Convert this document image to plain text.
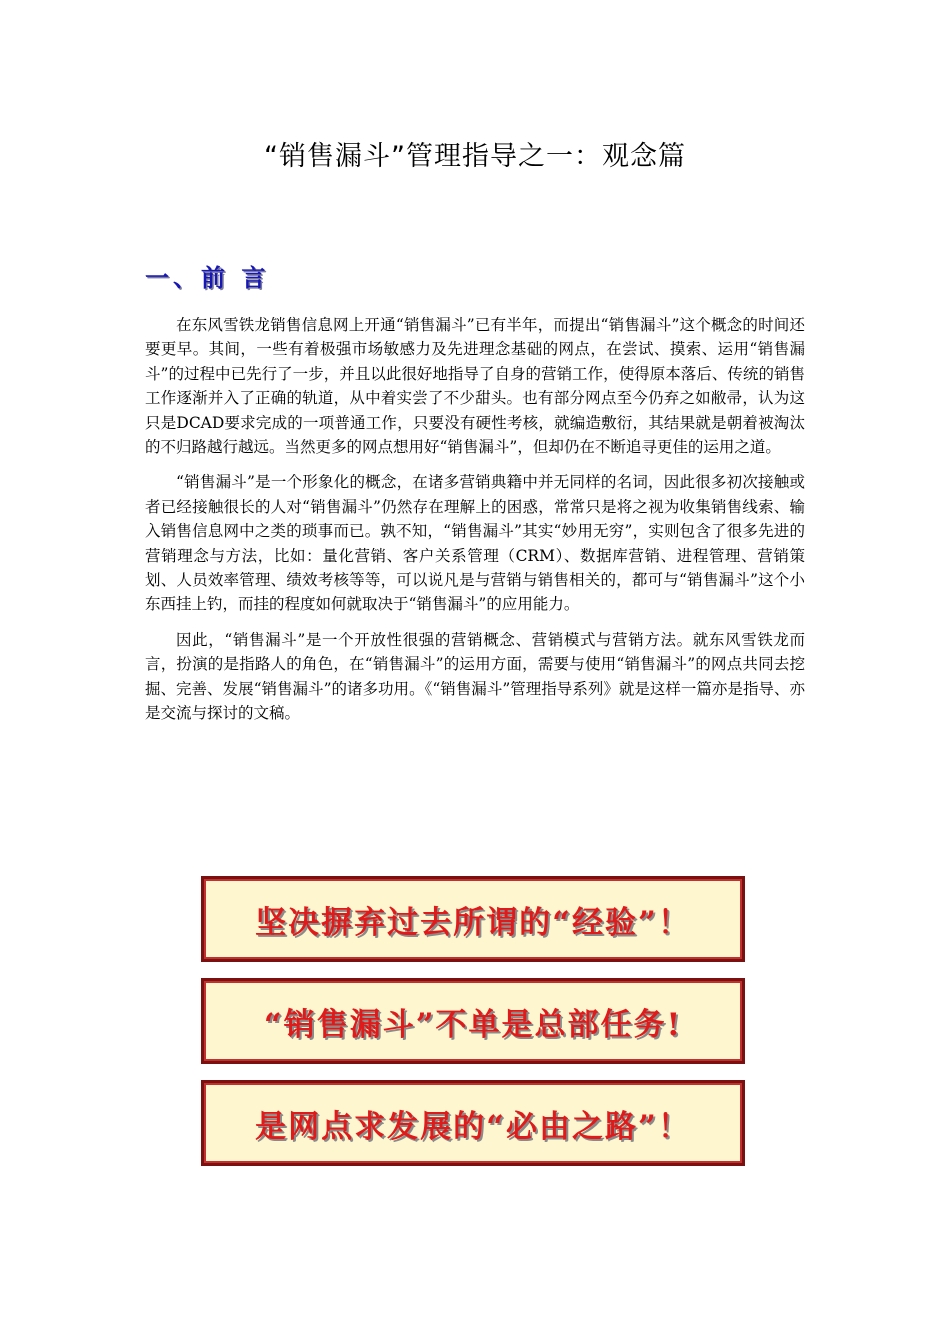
“销售漏斗”管理指导之一：观念篇
一、前 言

在东风雪铁龙销售信息网上开通“销售漏斗”已有半年，而提出“销售漏斗”这个概念的时间还要更早。其间，一些有着极强市场敏感力及先进理念基础的网点，在尝试、摸索、运用“销售漏斗”的过程中已先行了一步，并且以此很好地指导了自身的营销工作，使得原本落后、传统的销售工作逐渐并入了正确的轨道，从中着实尝了不少甜头。也有部分网点至今仍弃之如敝帚，认为这只是DCAD要求完成的一项普通工作，只要没有硬性考核，就编造敷衍，其结果就是朝着被淘汰的不归路越行越远。当然更多的网点想用好“销售漏斗”，但却仍在不断追寻更佳的运用之道。

“销售漏斗”是一个形象化的概念，在诸多营销典籍中并无同样的名词，因此很多初次接触或者已经接触很长的人对“销售漏斗”仍然存在理解上的困惑，常常只是将之视为收集销售线索、输入销售信息网中之类的琐事而已。孰不知，“销售漏斗”其实“妙用无穷”，实则包含了很多先进的营销理念与方法，比如：量化营销、客户关系管理（CRM）、数据库营销、进程管理、营销策划、人员效率管理、绩效考核等等，可以说凡是与营销与销售相关的，都可与“销售漏斗”这个小东西挂上钓，而挂的程度如何就取决于“销售漏斗”的应用能力。

因此，“销售漏斗”是一个开放性很强的营销概念、营销模式与营销方法。就东风雪铁龙而言，扮演的是指路人的角色，在“销售漏斗”的运用方面，需要与使用“销售漏斗”的网点共同去挖掘、完善、发展“销售漏斗”的诸多功用。《“销售漏斗”管理指导系列》就是这样一篇亦是指导、亦是交流与探讨的文稿。

坚决摒弃过去所谓的“经验”！
“销售漏斗”不单是总部任务!
是网点求发展的“必由之路”！
